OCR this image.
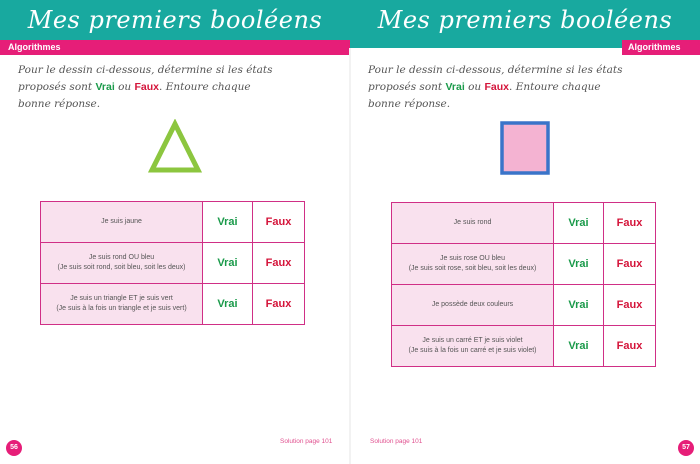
Mes premiers booléens
Algorithmes
Pour le dessin ci-dessous, détermine si les états proposés sont Vrai ou Faux. Entoure chaque bonne réponse.
Je suis jaune	Vrai	Faux
Je suis rond OU bleu
(Je suis soit rond, soit bleu, soit les deux)	Vrai	Faux
Je suis un triangle ET je suis vert
(Je suis à la fois un triangle et je suis vert)	Vrai	Faux
Solution page 101
56
Mes premiers booléens
Algorithmes
Pour le dessin ci-dessous, détermine si les états proposés sont Vrai ou Faux. Entoure chaque bonne réponse.
Je suis rond	Vrai	Faux
Je suis rose OU bleu
(Je suis soit rose, soit bleu, soit les deux)	Vrai	Faux
Je possède deux couleurs	Vrai	Faux
Je suis un carré ET je suis violet
(Je suis à la fois un carré et je suis violet)	Vrai	Faux
Solution page 101
57
